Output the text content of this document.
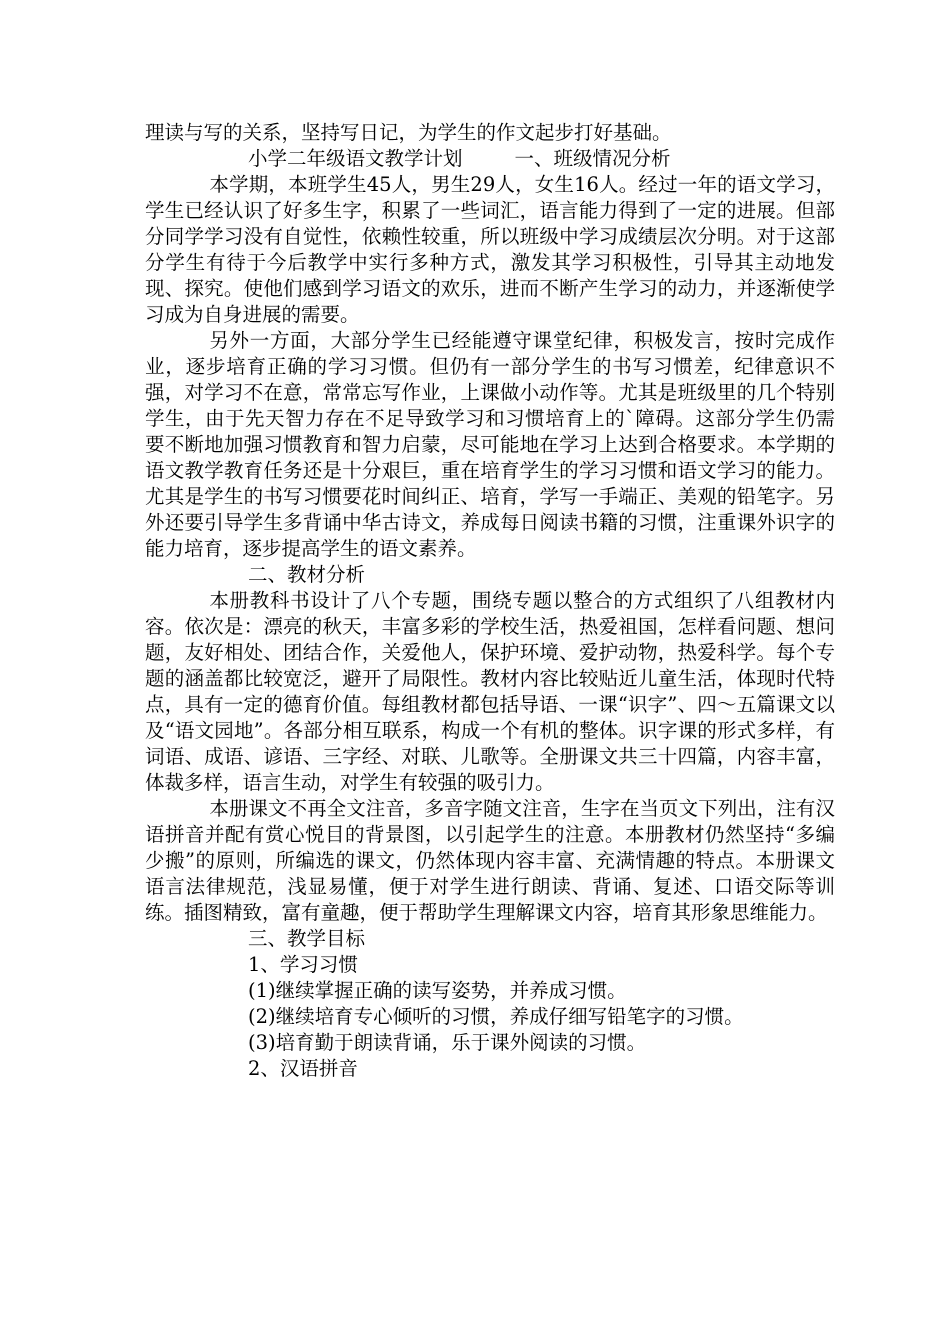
理读与写的关系，坚持写日记，为学生的作文起步打好基础。

小学二年级语文教学计划	一、班级情况分析

本学期，本班学生45人，男生29人，女生16人。经过一年的语文学习，学生已经认识了好多生字，积累了一些词汇，语言能力得到了一定的进展。但部分同学学习没有自觉性，依赖性较重，所以班级中学习成绩层次分明。对于这部分学生有待于今后教学中实行多种方式，激发其学习积极性，引导其主动地发现、探究。使他们感到学习语文的欢乐，进而不断产生学习的动力，并逐渐使学习成为自身进展的需要。

另外一方面，大部分学生已经能遵守课堂纪律，积极发言，按时完成作业，逐步培育正确的学习习惯。但仍有一部分学生的书写习惯差，纪律意识不强，对学习不在意，常常忘写作业，上课做小动作等。尤其是班级里的几个特别学生，由于先天智力存在不足导致学习和习惯培育上的`障碍。这部分学生仍需要不断地加强习惯教育和智力启蒙，尽可能地在学习上达到合格要求。本学期的语文教学教育任务还是十分艰巨，重在培育学生的学习习惯和语文学习的能力。尤其是学生的书写习惯要花时间纠正、培育，学写一手端正、美观的铅笔字。另外还要引导学生多背诵中华古诗文，养成每日阅读书籍的习惯，注重课外识字的能力培育，逐步提高学生的语文素养。

二、教材分析

本册教科书设计了八个专题，围绕专题以整合的方式组织了八组教材内容。依次是：漂亮的秋天，丰富多彩的学校生活，热爱祖国，怎样看问题、想问题，友好相处、团结合作，关爱他人，保护环境、爱护动物，热爱科学。每个专题的涵盖都比较宽泛，避开了局限性。教材内容比较贴近儿童生活，体现时代特点，具有一定的德育价值。每组教材都包括导语、一课“识字”、四～五篇课文以及“语文园地”。各部分相互联系，构成一个有机的整体。识字课的形式多样，有词语、成语、谚语、三字经、对联、儿歌等。全册课文共三十四篇，内容丰富，体裁多样，语言生动，对学生有较强的吸引力。

本册课文不再全文注音，多音字随文注音，生字在当页文下列出，注有汉语拼音并配有赏心悦目的背景图，以引起学生的注意。本册教材仍然坚持“多编少搬”的原则，所编选的课文，仍然体现内容丰富、充满情趣的特点。本册课文语言法律规范，浅显易懂，便于对学生进行朗读、背诵、复述、口语交际等训练。插图精致，富有童趣，便于帮助学生理解课文内容，培育其形象思维能力。

三、教学目标

1、学习习惯

(1)继续掌握正确的读写姿势，并养成习惯。

(2)继续培育专心倾听的习惯，养成仔细写铅笔字的习惯。

(3)培育勤于朗读背诵，乐于课外阅读的习惯。

2、汉语拼音
